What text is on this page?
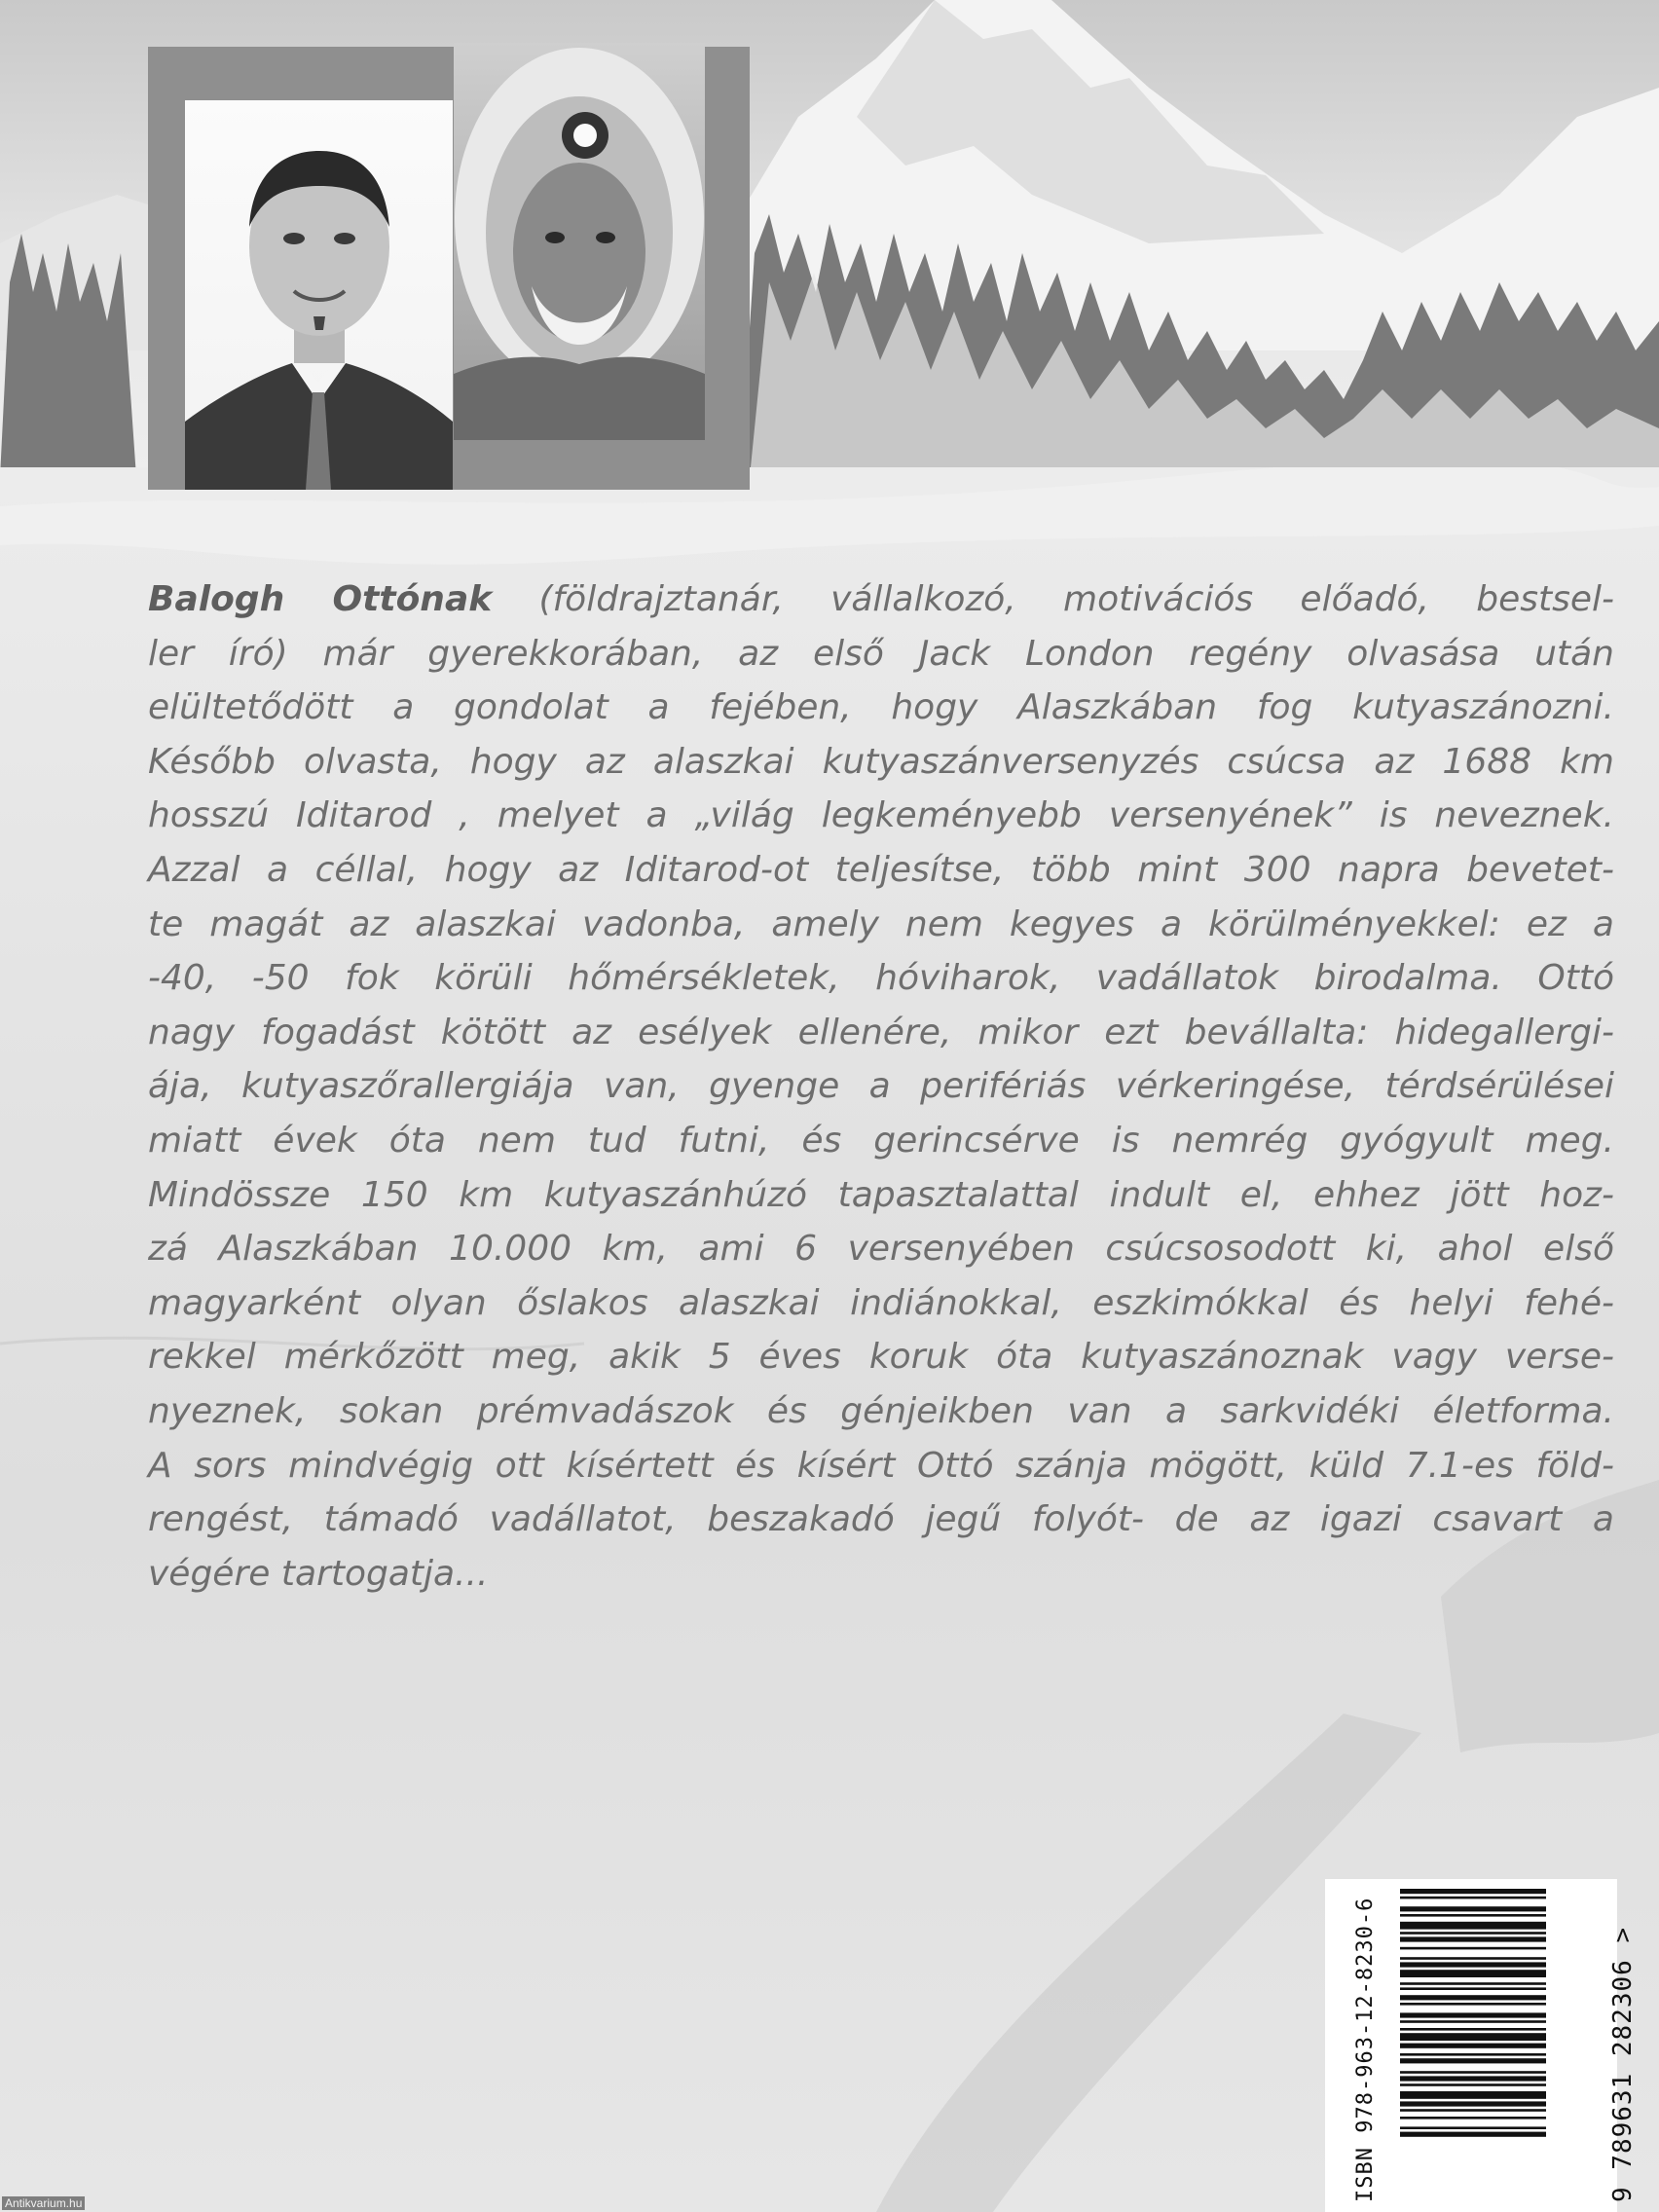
Balogh Ottónak (földrajztanár, vállalkozó, motivációs előadó, bestsel-
ler író) már gyerekkorában, az első Jack London regény olvasása után
elültetődött a gondolat a fejében, hogy Alaszkában fog kutyaszánozni.
Később olvasta, hogy az alaszkai kutyaszánversenyzés csúcsa az 1688 km
hosszú Iditarod , melyet a „világ legkeményebb versenyének” is neveznek.
Azzal a céllal, hogy az Iditarod-ot teljesítse, több mint 300 napra bevetet-
te magát az alaszkai vadonba, amely nem kegyes a körülményekkel: ez a
-40, -50 fok körüli hőmérsékletek, hóviharok, vadállatok birodalma. Ottó
nagy fogadást kötött az esélyek ellenére, mikor ezt bevállalta: hidegallergi-
ája, kutyaszőrallergiája van, gyenge a perifériás vérkeringése, térdsérülései
miatt évek óta nem tud futni, és gerincsérve is nemrég gyógyult meg.
Mindössze 150 km kutyaszánhúzó tapasztalattal indult el, ehhez jött hoz-
zá Alaszkában 10.000 km, ami 6 versenyében csúcsosodott ki, ahol első
magyarként olyan őslakos alaszkai indiánokkal, eszkimókkal és helyi fehé-
rekkel mérkőzött meg, akik 5 éves koruk óta kutyaszánoznak vagy verse-
nyeznek, sokan prémvadászok és génjeikben van a sarkvidéki életforma.
A sors mindvégig ott kísértett és kísért Ottó szánja mögött, küld 7.1-es föld-
rengést, támadó vadállatot, beszakadó jegű folyót- de az igazi csavart a
végére tartogatja...
ISBN 978-963-12-8230-6	9 789631 282306 >
Antikvarium.hu
